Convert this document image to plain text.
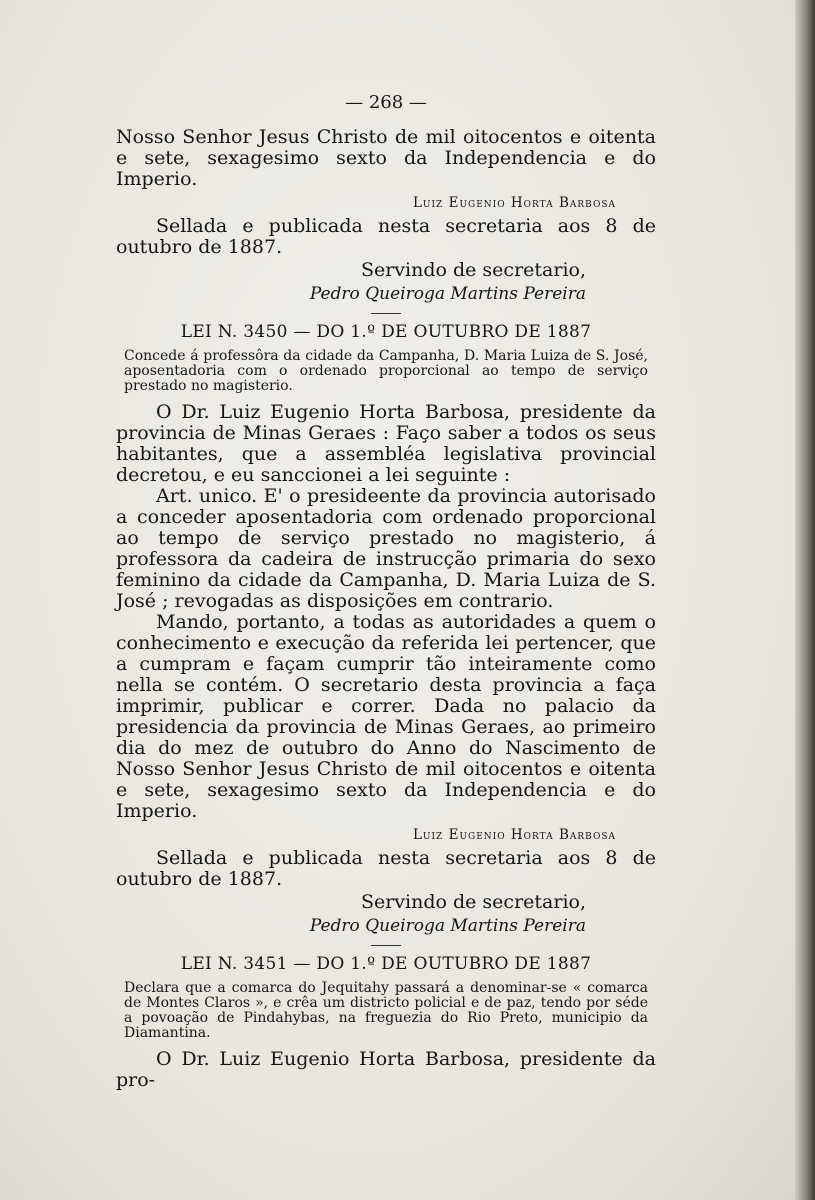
— 268 —

Nosso Senhor Jesus Christo de mil oitocentos e oitenta e sete, sexagesimo sexto da Independencia e do Imperio.

Luiz Eugenio Horta Barbosa

Sellada e publicada nesta secretaria aos 8 de outubro de 1887.

Servindo de secretario,
Pedro Queiroga Martins Pereira
LEI N. 3450 — DO 1.º DE OUTUBRO DE 1887

Concede á professôra da cidade da Campanha, D. Maria Luiza de S. José, aposentadoria com o ordenado proporcional ao tempo de serviço prestado no magisterio.

O Dr. Luiz Eugenio Horta Barbosa, presidente da provincia de Minas Geraes : Faço saber a todos os seus habitantes, que a assembléa legislativa provincial decretou, e eu sanccionei a lei seguinte :

Art. unico. E' o presideente da provincia autorisado a conceder aposentadoria com ordenado proporcional ao tempo de serviço prestado no magisterio, á professora da cadeira de instrucção primaria do sexo feminino da cidade da Campanha, D. Maria Luiza de S. José ; revogadas as disposições em contrario.

Mando, portanto, a todas as autoridades a quem o conhecimento e execução da referida lei pertencer, que a cumpram e façam cumprir tão inteiramente como nella se contém. O secretario desta provincia a faça imprimir, publicar e correr. Dada no palacio da presidencia da provincia de Minas Geraes, ao primeiro dia do mez de outubro do Anno do Nascimento de Nosso Senhor Jesus Christo de mil oitocentos e oitenta e sete, sexagesimo sexto da Independencia e do Imperio.

Luiz Eugenio Horta Barbosa

Sellada e publicada nesta secretaria aos 8 de outubro de 1887.

Servindo de secretario,
Pedro Queiroga Martins Pereira
LEI N. 3451 — DO 1.º DE OUTUBRO DE 1887

Declara que a comarca do Jequitahy passará a denominar-se « comarca de Montes Claros », e crêa um districto policial e de paz, tendo por séde a povoação de Pindahybas, na freguezia do Rio Preto, municipio da Diamantina.

O Dr. Luiz Eugenio Horta Barbosa, presidente da pro-
